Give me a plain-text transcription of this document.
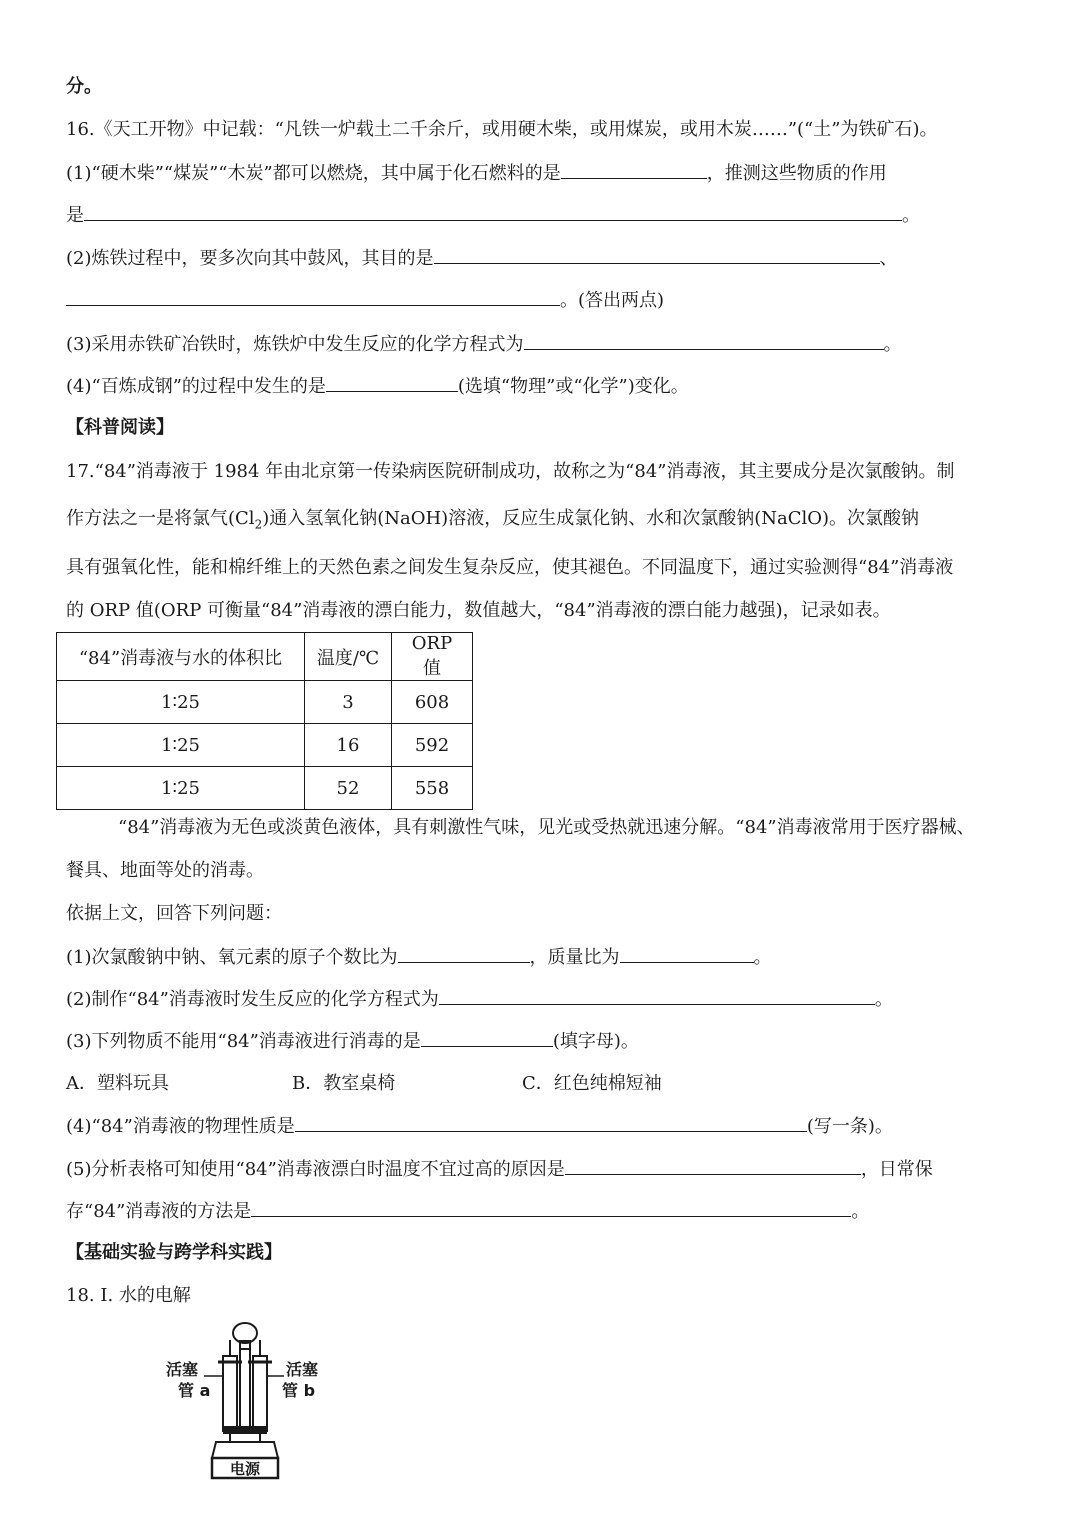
分。
16.《天工开物》中记载：“凡铁一炉载土二千余斤，或用硬木柴，或用煤炭，或用木炭……”(“土”为铁矿石)。
(1)“硬木柴”“煤炭”“木炭”都可以燃烧，其中属于化石燃料的是	，推测这些物质的作用
是	。
(2)炼铁过程中，要多次向其中鼓风，其目的是	、
。(答出两点)
(3)采用赤铁矿冶铁时，炼铁炉中发生反应的化学方程式为	。
(4)“百炼成钢”的过程中发生的是	(选填“物理”或“化学”)变化。
【科普阅读】
17.“84”消毒液于 1984 年由北京第一传染病医院研制成功，故称之为“84”消毒液，其主要成分是次氯酸钠。制
作方法之一是将氯气$(Cl_2)$通入氢氧化钠(NaOH)溶液，反应生成氯化钠、水和次氯酸钠(NaClO)。次氯酸钠
具有强氧化性，能和棉纤维上的天然色素之间发生复杂反应，使其褪色。不同温度下，通过实验测得“84”消毒液
的 ORP 值(ORP 可衡量“84”消毒液的漂白能力，数值越大，“84”消毒液的漂白能力越强)，记录如表。
“84”消毒液与水的体积比	温度/℃	ORP 值
1∶25	3	608
1∶25	16	592
1∶25	52	558
“84”消毒液为无色或淡黄色液体，具有刺激性气味，见光或受热就迅速分解。“84”消毒液常用于医疗器械、
餐具、地面等处的消毒。
依据上文，回答下列问题：
(1)次氯酸钠中钠、氧元素的原子个数比为	，质量比为	。
(2)制作“84”消毒液时发生反应的化学方程式为	。
(3)下列物质不能用“84”消毒液进行消毒的是	(填字母)。
A．塑料玩具	B．教室桌椅	C．红色纯棉短袖
(4)“84”消毒液的物理性质是	(写一条)。
(5)分析表格可知使用“84”消毒液漂白时温度不宜过高的原因是	，日常保
存“84”消毒液的方法是	。
【基础实验与跨学科实践】
18. Ⅰ. 水的电解
电源
活塞
管 a
活塞
管 b
